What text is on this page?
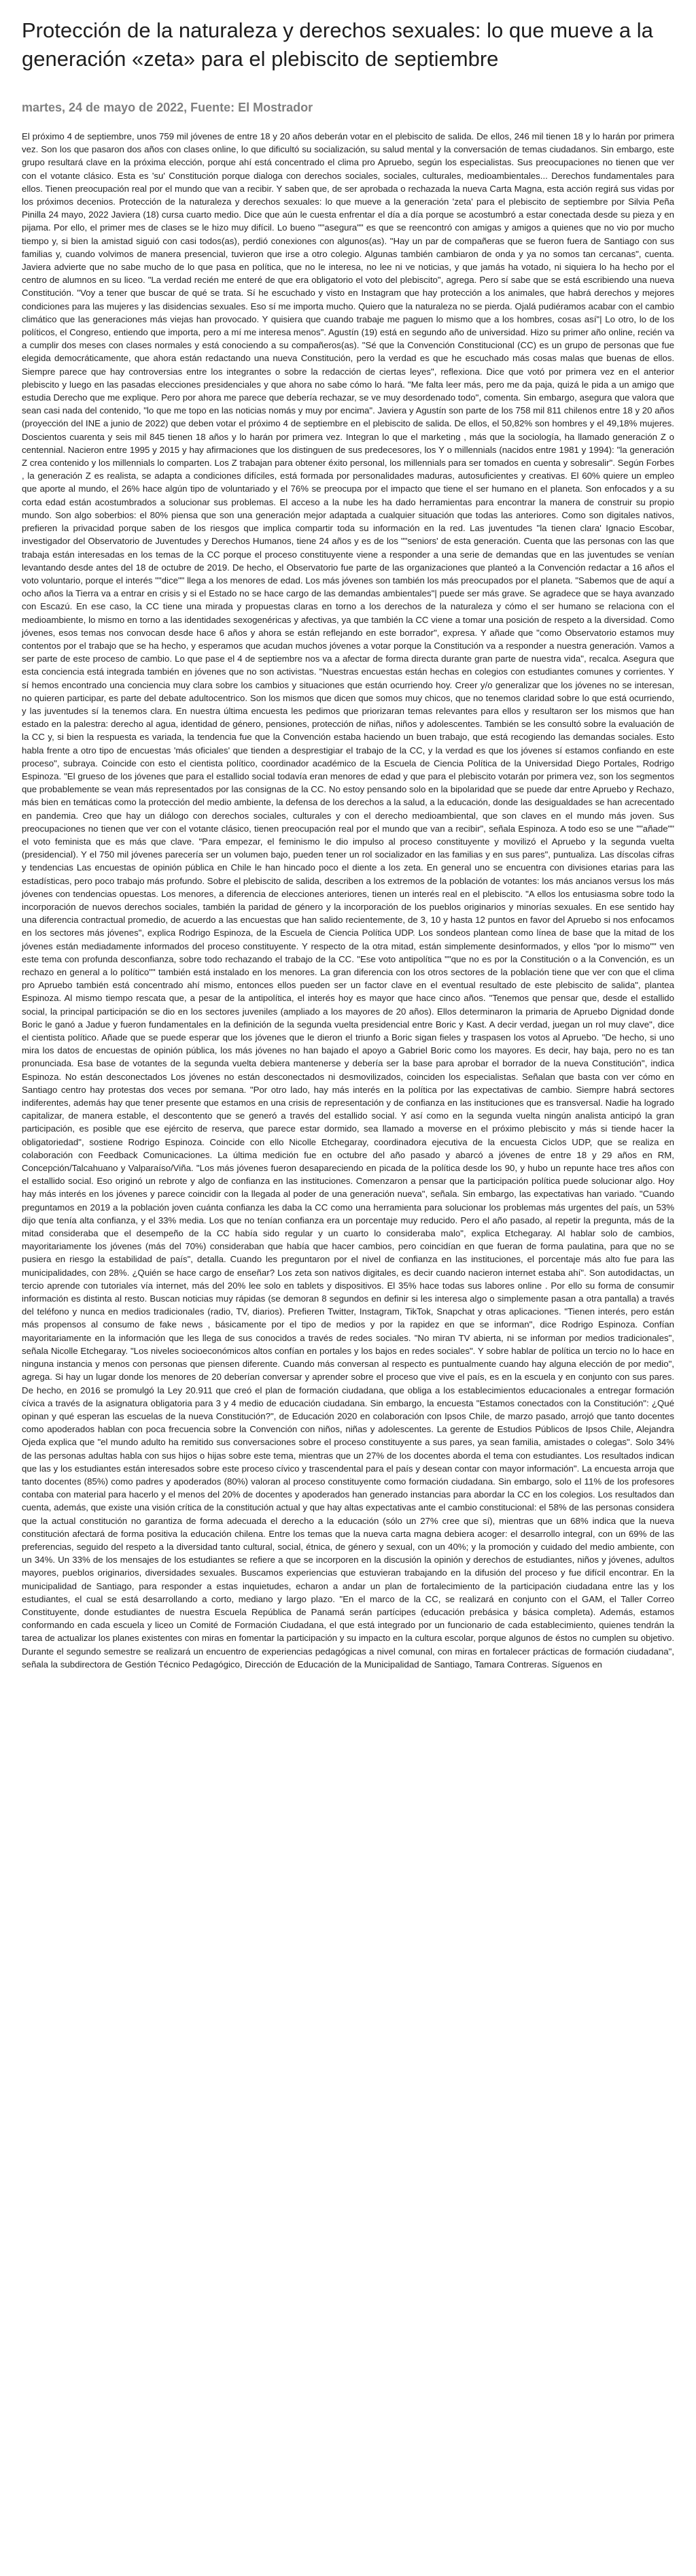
Protección de la naturaleza y derechos sexuales: lo que mueve a la generación «zeta» para el plebiscito de septiembre
martes, 24 de mayo de 2022, Fuente: El Mostrador

El próximo 4 de septiembre, unos 759 mil jóvenes de entre 18 y 20 años deberán votar en el plebiscito de salida. De ellos, 246 mil tienen 18 y lo harán por primera vez. Son los que pasaron dos años con clases online, lo que dificultó su socialización, su salud mental y la conversación de temas ciudadanos. Sin embargo, este grupo resultará clave en la próxima elección, porque ahí está concentrado el clima pro Apruebo, según los especialistas. Sus preocupaciones no tienen que ver con el votante clásico. Esta es 'su' Constitución porque dialoga con derechos sociales, sociales, culturales, medioambientales... Derechos fundamentales para ellos. Tienen preocupación real por el mundo que van a recibir. Y saben que, de ser aprobada o rechazada la nueva Carta Magna, esta acción regirá sus vidas por los próximos decenios. Protección de la naturaleza y derechos sexuales: lo que mueve a la generación 'zeta' para el plebiscito de septiembre por Silvia Peña Pinilla 24 mayo, 2022 Javiera (18) cursa cuarto medio. Dice que aún le cuesta enfrentar el día a día porque se acostumbró a estar conectada desde su pieza y en pijama. Por ello, el primer mes de clases se le hizo muy difícil. Lo bueno ""asegura"" es que se reencontró con amigas y amigos a quienes que no vio por mucho tiempo y, si bien la amistad siguió con casi todos(as), perdió conexiones con algunos(as). "Hay un par de compañeras que se fueron fuera de Santiago con sus familias y, cuando volvimos de manera presencial, tuvieron que irse a otro colegio. Algunas también cambiaron de onda y ya no somos tan cercanas", cuenta. Javiera advierte que no sabe mucho de lo que pasa en política, que no le interesa, no lee ni ve noticias, y que jamás ha votado, ni siquiera lo ha hecho por el centro de alumnos en su liceo. "La verdad recién me enteré de que era obligatorio el voto del plebiscito", agrega. Pero sí sabe que se está escribiendo una nueva Constitución. "Voy a tener que buscar de qué se trata. Sí he escuchado y visto en Instagram que hay protección a los animales, que habrá derechos y mejores condiciones para las mujeres y las disidencias sexuales. Eso sí me importa mucho. Quiero que la naturaleza no se pierda. Ojalá pudiéramos acabar con el cambio climático que las generaciones más viejas han provocado. Y quisiera que cuando trabaje me paguen lo mismo que a los hombres, cosas así"| Lo otro, lo de los políticos, el Congreso, entiendo que importa, pero a mí me interesa menos". Agustín (19) está en segundo año de universidad. Hizo su primer año online, recién va a cumplir dos meses con clases normales y está conociendo a su compañeros(as). "Sé que la Convención Constitucional (CC) es un grupo de personas que fue elegida democráticamente, que ahora están redactando una nueva Constitución, pero la verdad es que he escuchado más cosas malas que buenas de ellos. Siempre parece que hay controversias entre los integrantes o sobre la redacción de ciertas leyes", reflexiona. Dice que votó por primera vez en el anterior plebiscito y luego en las pasadas elecciones presidenciales y que ahora no sabe cómo lo hará. "Me falta leer más, pero me da paja, quizá le pida a un amigo que estudia Derecho que me explique. Pero por ahora me parece que debería rechazar, se ve muy desordenado todo", comenta. Sin embargo, asegura que valora que sean casi nada del contenido, "lo que me topo en las noticias nomás y muy por encima". Javiera y Agustín son parte de los 758 mil 811 chilenos entre 18 y 20 años (proyección del INE a junio de 2022) que deben votar el próximo 4 de septiembre en el plebiscito de salida. De ellos, el 50,82% son hombres y el 49,18% mujeres. Doscientos cuarenta y seis mil 845 tienen 18 años y lo harán por primera vez. Integran lo que el marketing , más que la sociología, ha llamado generación Z o centennial. Nacieron entre 1995 y 2015 y hay afirmaciones que los distinguen de sus predecesores, los Y o millennials (nacidos entre 1981 y 1994): "la generación Z crea contenido y los millennials lo comparten. Los Z trabajan para obtener éxito personal, los millennials para ser tomados en cuenta y sobresalir". Según Forbes , la generación Z es realista, se adapta a condiciones difíciles, está formada por personalidades maduras, autosuficientes y creativas. El 60% quiere un empleo que aporte al mundo, el 26% hace algún tipo de voluntariado y el 76% se preocupa por el impacto que tiene el ser humano en el planeta. Son enfocados y a su corta edad están acostumbrados a solucionar sus problemas. El acceso a la nube les ha dado herramientas para encontrar la manera de construir su propio mundo. Son algo soberbios: el 80% piensa que son una generación mejor adaptada a cualquier situación que todas las anteriores. Como son digitales nativos, prefieren la privacidad porque saben de los riesgos que implica compartir toda su información en la red. Las juventudes "la tienen clara' Ignacio Escobar, investigador del Observatorio de Juventudes y Derechos Humanos, tiene 24 años y es de los ""seniors' de esta generación. Cuenta que las personas con las que trabaja están interesadas en los temas de la CC porque el proceso constituyente viene a responder a una serie de demandas que en las juventudes se venían levantando desde antes del 18 de octubre de 2019. De hecho, el Observatorio fue parte de las organizaciones que planteó a la Convención redactar a 16 años el voto voluntario, porque el interés ""dice"" llega a los menores de edad. Los más jóvenes son también los más preocupados por el planeta. "Sabemos que de aquí a ocho años la Tierra va a entrar en crisis y si el Estado no se hace cargo de las demandas ambientales"| puede ser más grave. Se agradece que se haya avanzado con Escazú. En ese caso, la CC tiene una mirada y propuestas claras en torno a los derechos de la naturaleza y cómo el ser humano se relaciona con el medioambiente, lo mismo en torno a las identidades sexogenéricas y afectivas, ya que también la CC viene a tomar una posición de respeto a la diversidad. Como jóvenes, esos temas nos convocan desde hace 6 años y ahora se están reflejando en este borrador", expresa. Y añade que "como Observatorio estamos muy contentos por el trabajo que se ha hecho, y esperamos que acudan muchos jóvenes a votar porque la Constitución va a responder a nuestra generación. Vamos a ser parte de este proceso de cambio. Lo que pase el 4 de septiembre nos va a afectar de forma directa durante gran parte de nuestra vida", recalca. Asegura que esta conciencia está integrada también en jóvenes que no son activistas. "Nuestras encuestas están hechas en colegios con estudiantes comunes y corrientes. Y sí hemos encontrado una conciencia muy clara sobre los cambios y situaciones que están ocurriendo hoy. Creer y/o generalizar que los jóvenes no se interesan, no quieren participar, es parte del debate adultocentrico. Son los mismos que dicen que somos muy chicos, que no tenemos claridad sobre lo que está ocurriendo, y las juventudes sí la tenemos clara. En nuestra última encuesta les pedimos que priorizaran temas relevantes para ellos y resultaron ser los mismos que han estado en la palestra: derecho al agua, identidad de género, pensiones, protección de niñas, niños y adolescentes. También se les consultó sobre la evaluación de la CC y, si bien la respuesta es variada, la tendencia fue que la Convención estaba haciendo un buen trabajo, que está recogiendo las demandas sociales. Esto habla frente a otro tipo de encuestas 'más oficiales' que tienden a desprestigiar el trabajo de la CC, y la verdad es que los jóvenes sí estamos confiando en este proceso", subraya. Coincide con esto el cientista político, coordinador académico de la Escuela de Ciencia Política de la Universidad Diego Portales, Rodrigo Espinoza. "El grueso de los jóvenes que para el estallido social todavía eran menores de edad y que para el plebiscito votarán por primera vez, son los segmentos que probablemente se vean más representados por las consignas de la CC. No estoy pensando solo en la bipolaridad que se puede dar entre Apruebo y Rechazo, más bien en temáticas como la protección del medio ambiente, la defensa de los derechos a la salud, a la educación, donde las desigualdades se han acrecentado en pandemia. Creo que hay un diálogo con derechos sociales, culturales y con el derecho medioambiental, que son claves en el mundo más joven. Sus preocupaciones no tienen que ver con el votante clásico, tienen preocupación real por el mundo que van a recibir", señala Espinoza. A todo eso se une ""añade"" el voto feminista que es más que clave. "Para empezar, el feminismo le dio impulso al proceso constituyente y movilizó el Apruebo y la segunda vuelta (presidencial). Y el 750 mil jóvenes parecería ser un volumen bajo, pueden tener un rol socializador en las familias y en sus pares", puntualiza. Las díscolas cifras y tendencias Las encuestas de opinión pública en Chile le han hincado poco el diente a los zeta. En general uno se encuentra con divisiones etarias para las estadísticas, pero poco trabajo más profundo. Sobre el plebiscito de salida, describen a los extremos de la población de votantes: los más ancianos versus los más jóvenes con tendencias opuestas. Los menores, a diferencia de elecciones anteriores, tienen un interés real en el plebiscito. "A ellos los entusiasma sobre todo la incorporación de nuevos derechos sociales, también la paridad de género y la incorporación de los pueblos originarios y minorías sexuales. En ese sentido hay una diferencia contractual promedio, de acuerdo a las encuestas que han salido recientemente, de 3, 10 y hasta 12 puntos en favor del Apruebo si nos enfocamos en los sectores más jóvenes", explica Rodrigo Espinoza, de la Escuela de Ciencia Política UDP. Los sondeos plantean como línea de base que la mitad de los jóvenes están mediadamente informados del proceso constituyente. Y respecto de la otra mitad, están simplemente desinformados, y ellos "por lo mismo"" ven este tema con profunda desconfianza, sobre todo rechazando el trabajo de la CC. "Ese voto antipolítica ""que no es por la Constitución o a la Convención, es un rechazo en general a lo político"" también está instalado en los menores. La gran diferencia con los otros sectores de la población tiene que ver con que el clima pro Apruebo también está concentrado ahí mismo, entonces ellos pueden ser un factor clave en el eventual resultado de este plebiscito de salida", plantea Espinoza. Al mismo tiempo rescata que, a pesar de la antipolítica, el interés hoy es mayor que hace cinco años. "Tenemos que pensar que, desde el estallido social, la principal participación se dio en los sectores juveniles (ampliado a los mayores de 20 años). Ellos determinaron la primaria de Apruebo Dignidad donde Boric le ganó a Jadue y fueron fundamentales en la definición de la segunda vuelta presidencial entre Boric y Kast. A decir verdad, juegan un rol muy clave", dice el cientista político. Añade que se puede esperar que los jóvenes que le dieron el triunfo a Boric sigan fieles y traspasen los votos al Apruebo. "De hecho, si uno mira los datos de encuestas de opinión pública, los más jóvenes no han bajado el apoyo a Gabriel Boric como los mayores. Es decir, hay baja, pero no es tan pronunciada. Esa base de votantes de la segunda vuelta debiera mantenerse y debería ser la base para aprobar el borrador de la nueva Constitución", indica Espinoza. No están desconectados Los jóvenes no están desconectados ni desmovilizados, coinciden los especialistas. Señalan que basta con ver cómo en Santiago centro hay protestas dos veces por semana. "Por otro lado, hay más interés en la política por las expectativas de cambio. Siempre habrá sectores indiferentes, además hay que tener presente que estamos en una crisis de representación y de confianza en las instituciones que es transversal. Nadie ha logrado capitalizar, de manera estable, el descontento que se generó a través del estallido social. Y así como en la segunda vuelta ningún analista anticipó la gran participación, es posible que ese ejército de reserva, que parece estar dormido, sea llamado a moverse en el próximo plebiscito y más si tiende hacer la obligatoriedad", sostiene Rodrigo Espinoza. Coincide con ello Nicolle Etchegaray, coordinadora ejecutiva de la encuesta Ciclos UDP, que se realiza en colaboración con Feedback Comunicaciones. La última medición fue en octubre del año pasado y abarcó a jóvenes de entre 18 y 29 años en RM, Concepción/Talcahuano y Valparaíso/Viña. "Los más jóvenes fueron desapareciendo en picada de la política desde los 90, y hubo un repunte hace tres años con el estallido social. Eso originó un rebrote y algo de confianza en las instituciones. Comenzaron a pensar que la participación política puede solucionar algo. Hoy hay más interés en los jóvenes y parece coincidir con la llegada al poder de una generación nueva", señala. Sin embargo, las expectativas han variado. "Cuando preguntamos en 2019 a la población joven cuánta confianza les daba la CC como una herramienta para solucionar los problemas más urgentes del país, un 53% dijo que tenía alta confianza, y el 33% media. Los que no tenían confianza era un porcentaje muy reducido. Pero el año pasado, al repetir la pregunta, más de la mitad consideraba que el desempeño de la CC había sido regular y un cuarto lo consideraba malo", explica Etchegaray. Al hablar solo de cambios, mayoritariamente los jóvenes (más del 70%) consideraban que había que hacer cambios, pero coincidían en que fueran de forma paulatina, para que no se pusiera en riesgo la estabilidad de país", detalla. Cuando les preguntaron por el nivel de confianza en las instituciones, el porcentaje más alto fue para las municipalidades, con 28%. ¿Quién se hace cargo de enseñar? Los zeta son nativos digitales, es decir cuando nacieron internet estaba ahí". Son autodidactas, un tercio aprende con tutoriales vía internet, más del 20% lee solo en tablets y dispositivos. El 35% hace todas sus labores online . Por ello su forma de consumir información es distinta al resto. Buscan noticias muy rápidas (se demoran 8 segundos en definir si les interesa algo o simplemente pasan a otra pantalla) a través del teléfono y nunca en medios tradicionales (radio, TV, diarios). Prefieren Twitter, Instagram, TikTok, Snapchat y otras aplicaciones. "Tienen interés, pero están más propensos al consumo de fake news , básicamente por el tipo de medios y por la rapidez en que se informan", dice Rodrigo Espinoza. Confían mayoritariamente en la información que les llega de sus conocidos a través de redes sociales. "No miran TV abierta, ni se informan por medios tradicionales", señala Nicolle Etchegaray. "Los niveles socioeconómicos altos confían en portales y los bajos en redes sociales". Y sobre hablar de política un tercio no lo hace en ninguna instancia y menos con personas que piensen diferente. Cuando más conversan al respecto es puntualmente cuando hay alguna elección de por medio", agrega. Si hay un lugar donde los menores de 20 deberían conversar y aprender sobre el proceso que vive el país, es en la escuela y en conjunto con sus pares. De hecho, en 2016 se promulgó la Ley 20.911 que creó el plan de formación ciudadana, que obliga a los establecimientos educacionales a entregar formación cívica a través de la asignatura obligatoria para 3 y 4 medio de educación ciudadana. Sin embargo, la encuesta "Estamos conectados con la Constitución": ¿Qué opinan y qué esperan las escuelas de la nueva Constitución?", de Educación 2020 en colaboración con Ipsos Chile, de marzo pasado, arrojó que tanto docentes como apoderados hablan con poca frecuencia sobre la Convención con niños, niñas y adolescentes. La gerente de Estudios Públicos de Ipsos Chile, Alejandra Ojeda explica que "el mundo adulto ha remitido sus conversaciones sobre el proceso constituyente a sus pares, ya sean familia, amistades o colegas". Solo 34% de las personas adultas habla con sus hijos o hijas sobre este tema, mientras que un 27% de los docentes aborda el tema con estudiantes. Los resultados indican que las y los estudiantes están interesados sobre este proceso cívico y trascendental para el país y desean contar con mayor información". La encuesta arroja que tanto docentes (85%) como padres y apoderados (80%) valoran al proceso constituyente como formación ciudadana. Sin embargo, solo el 11% de los profesores contaba con material para hacerlo y el menos del 20% de docentes y apoderados han generado instancias para abordar la CC en los colegios. Los resultados dan cuenta, además, que existe una visión crítica de la constitución actual y que hay altas expectativas ante el cambio constitucional: el 58% de las personas considera que la actual constitución no garantiza de forma adecuada el derecho a la educación (sólo un 27% cree que sí), mientras que un 68% indica que la nueva constitución afectará de forma positiva la educación chilena. Entre los temas que la nueva carta magna debiera acoger: el desarrollo integral, con un 69% de las preferencias, seguido del respeto a la diversidad tanto cultural, social, étnica, de género y sexual, con un 40%; y la promoción y cuidado del medio ambiente, con un 34%. Un 33% de los mensajes de los estudiantes se refiere a que se incorporen en la discusión la opinión y derechos de estudiantes, niños y jóvenes, adultos mayores, pueblos originarios, diversidades sexuales. Buscamos experiencias que estuvieran trabajando en la difusión del proceso y fue difícil encontrar. En la municipalidad de Santiago, para responder a estas inquietudes, echaron a andar un plan de fortalecimiento de la participación ciudadana entre las y los estudiantes, el cual se está desarrollando a corto, mediano y largo plazo. "En el marco de la CC, se realizará en conjunto con el GAM, el Taller Correo Constituyente, donde estudiantes de nuestra Escuela República de Panamá serán partícipes (educación prebásica y básica completa). Además, estamos conformando en cada escuela y liceo un Comité de Formación Ciudadana, el que está integrado por un funcionario de cada establecimiento, quienes tendrán la tarea de actualizar los planes existentes con miras en fomentar la participación y su impacto en la cultura escolar, porque algunos de éstos no cumplen su objetivo. Durante el segundo semestre se realizará un encuentro de experiencias pedagógicas a nivel comunal, con miras en fortalecer prácticas de formación ciudadana", señala la subdirectora de Gestión Técnico Pedagógico, Dirección de Educación de la Municipalidad de Santiago, Tamara Contreras. Síguenos en
